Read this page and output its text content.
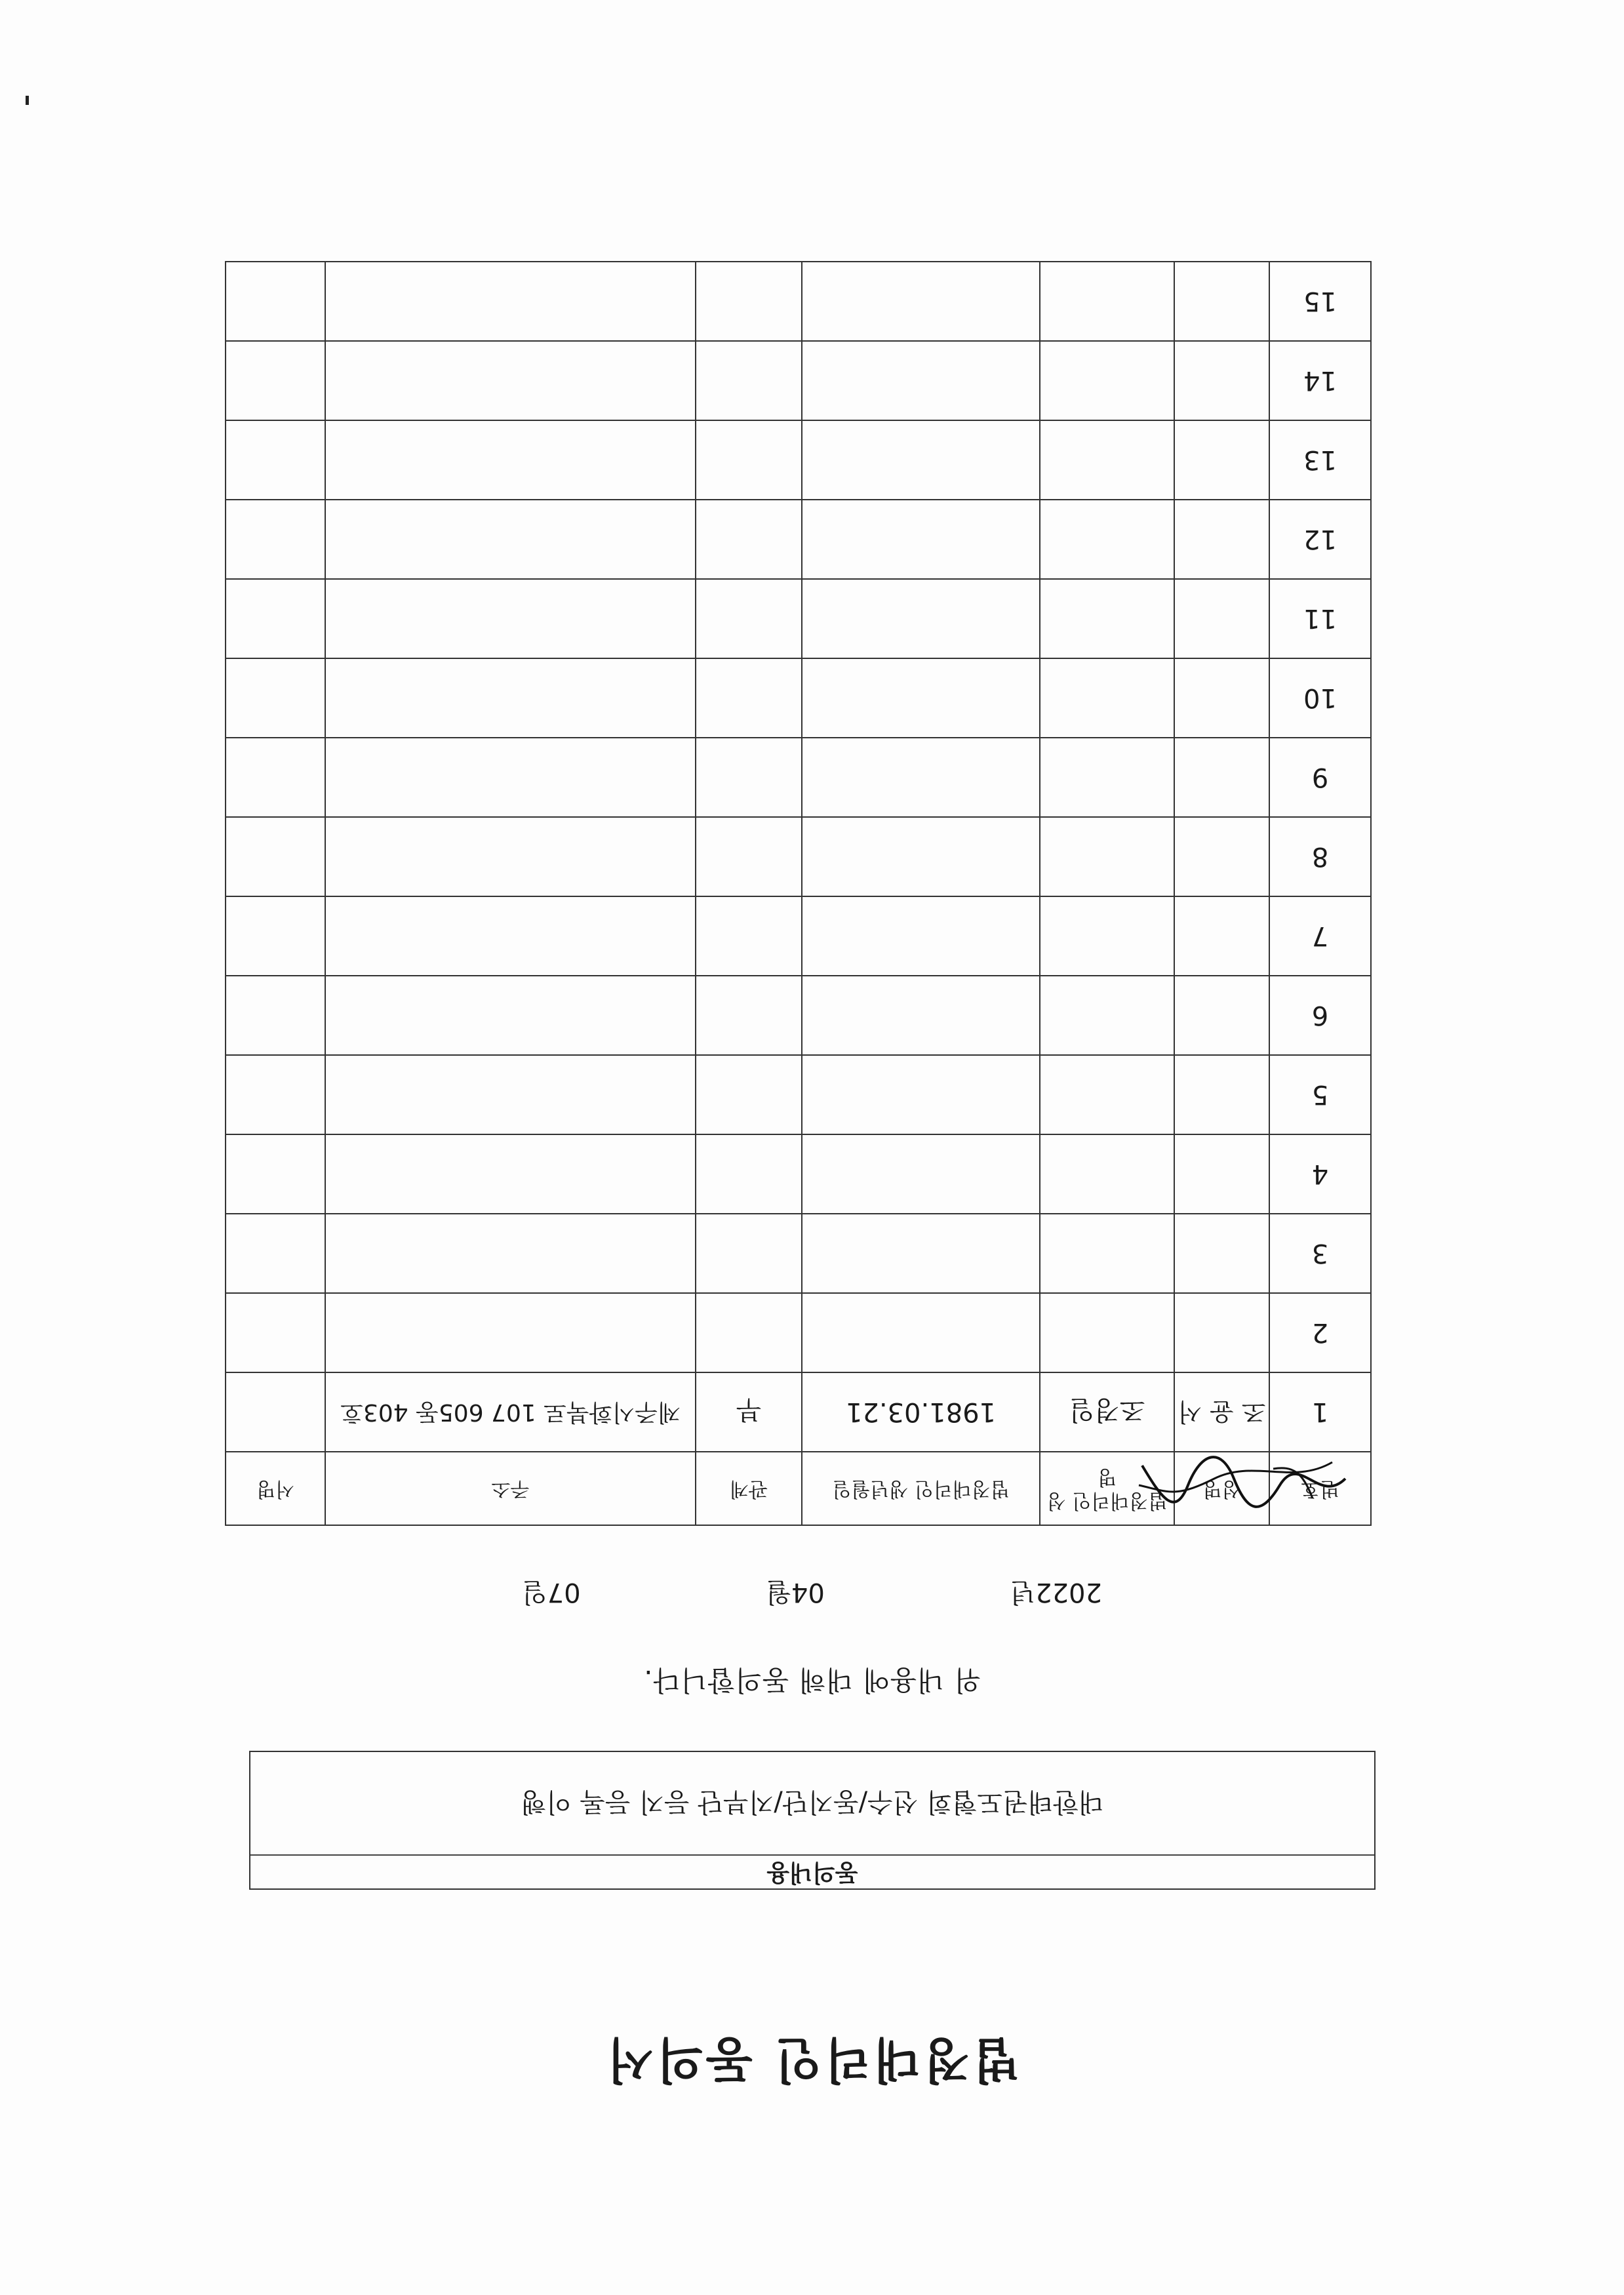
법정대리인 동의서
동의내용
대한태권도협회 선수/동지단/지부단 등지 등록 이행
위 내용에 대해 동의합니다.
2022년 04월 07일
번호	성명	법정대리인 성명	법정대리인 생년월일	관계	주소	서명
1	조 윤 서	조경일	1981.03.21	부	제주시화북로 107 605동 403호	
2						
3						
4						
5						
6						
7						
8						
9						
10						
11						
12						
13						
14						
15						
